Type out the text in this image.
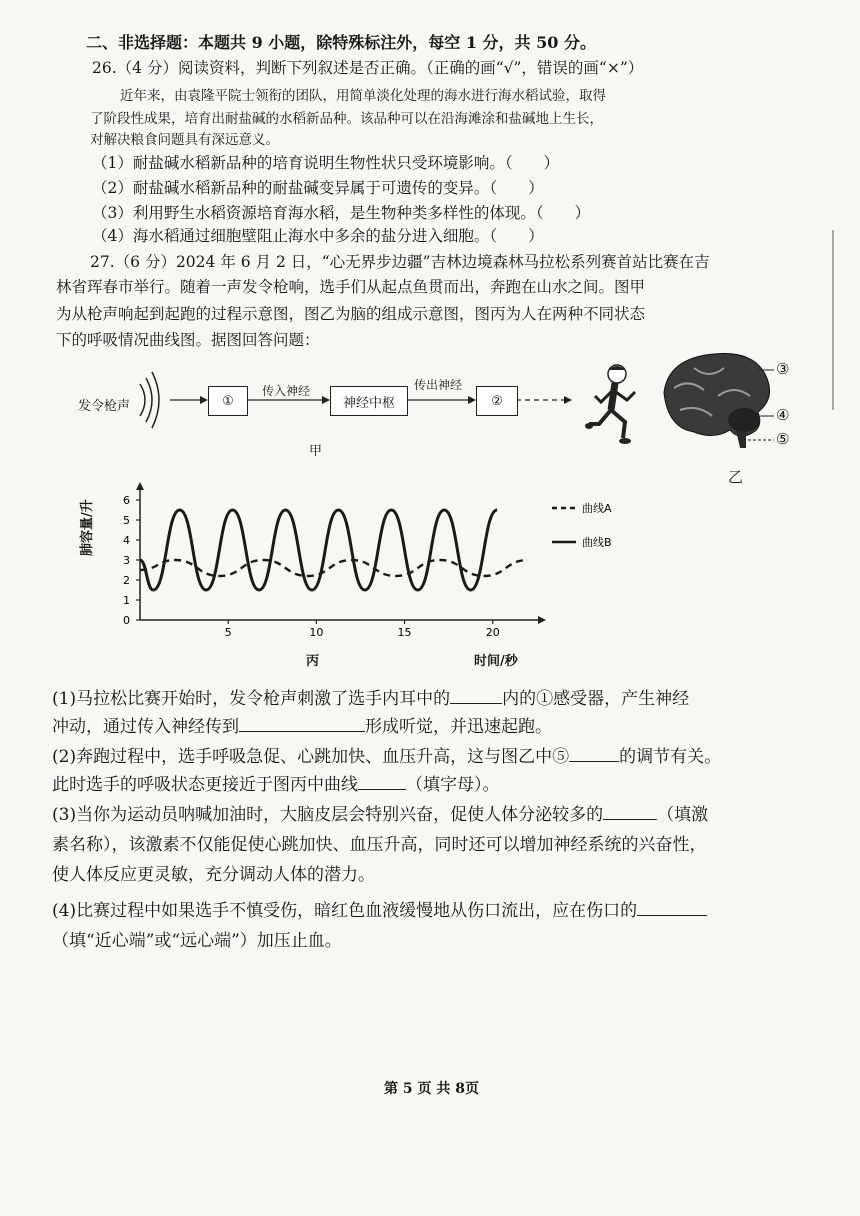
二、非选择题：本题共 9 小题，除特殊标注外，每空 1 分，共 50 分。
26.（4 分）阅读资料，判断下列叙述是否正确。（正确的画“√”，错误的画“×”）
近年来，由袁隆平院士领衔的团队，用简单淡化处理的海水进行海水稻试验，取得
了阶段性成果，培育出耐盐碱的水稻新品种。该品种可以在沿海滩涂和盐碱地上生长，
对解决粮食问题具有深远意义。
（1）耐盐碱水稻新品种的培育说明生物性状只受环境影响。（　　）
（2）耐盐碱水稻新品种的耐盐碱变异属于可遗传的变异。（　　）
（3）利用野生水稻资源培育海水稻，是生物种类多样性的体现。（　　）
（4）海水稻通过细胞壁阻止海水中多余的盐分进入细胞。（　　）
27.（6 分）2024 年 6 月 2 日，“心无界步边疆”吉林边境森林马拉松系列赛首站比赛在吉
林省珲春市举行。随着一声发令枪响，选手们从起点鱼贯而出，奔跑在山水之间。图甲
为从枪声响起到起跑的过程示意图，图乙为脑的组成示意图，图丙为人在两种不同状态
下的呼吸情况曲线图。据图回答问题：
发令枪声	①
传入神经
神经中枢
传出神经
②
甲
③
④
⑤
乙
0
1
2
3
4
5
6
5	10	15	20
曲线A
曲线B
丙	时间/秒
肺容量/升
(1)马拉松比赛开始时，发令枪声刺激了选手内耳中的	内的①感受器，产生神经
冲动，通过传入神经传到	形成听觉，并迅速起跑。
(2)奔跑过程中，选手呼吸急促、心跳加快、血压升高，这与图乙中⑤	的调节有关。
此时选手的呼吸状态更接近于图丙中曲线	（填字母）。
(3)当你为运动员呐喊加油时，大脑皮层会特别兴奋，促使人体分泌较多的	（填激
素名称），该激素不仅能促使心跳加快、血压升高，同时还可以增加神经系统的兴奋性，
使人体反应更灵敏，充分调动人体的潜力。
(4)比赛过程中如果选手不慎受伤，暗红色血液缓慢地从伤口流出，应在伤口的
（填“近心端”或“远心端”）加压止血。
第 5 页 共 8页
